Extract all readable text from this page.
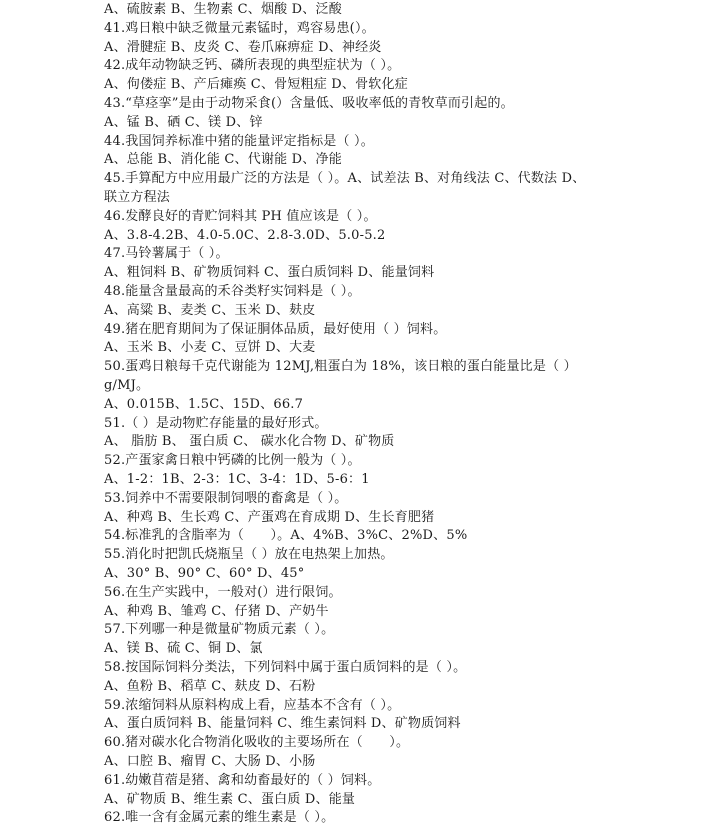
A、硫胺素 B、生物素 C、烟酸 D、泛酸

41.鸡日粮中缺乏微量元素锰时，鸡容易患(）。

A、滑腱症 B、皮炎 C、卷爪麻痹症 D、神经炎

42.成年动物缺乏钙、磷所表现的典型症状为（ ）。

A、佝偻症 B、产后瘫痪 C、骨短粗症 D、骨软化症

43.“草痉挛”是由于动物采食(）含量低、吸收率低的青牧草而引起的。

A、锰 B、硒 C、镁 D、锌

44.我国饲养标准中猪的能量评定指标是（ ）。

A、总能 B、消化能 C、代谢能 D、净能

45.手算配方中应用最广泛的方法是（ ）。A、试差法 B、对角线法 C、代数法 D、

联立方程法

46.发酵良好的青贮饲料其 PH 值应该是（ ）。

A、3.8-4.2B、4.0-5.0C、2.8-3.0D、5.0-5.2

47.马铃薯属于（ ）。

A、粗饲料 B、矿物质饲料 C、蛋白质饲料 D、能量饲料

48.能量含量最高的禾谷类籽实饲料是（ ）。

A、高粱 B、麦类 C、玉米 D、麸皮

49.猪在肥育期间为了保证胴体品质，最好使用（ ）饲料。

A、玉米 B、小麦 C、豆饼 D、大麦

50.蛋鸡日粮每千克代谢能为 12MJ,粗蛋白为 18%，该日粮的蛋白能量比是（ ）

g/MJ。

A、0.015B、1.5C、15D、66.7

51.（ ）是动物贮存能量的最好形式。

A、 脂肪 B、 蛋白质 C、 碳水化合物 D、矿物质

52.产蛋家禽日粮中钙磷的比例一般为（ ）。

A、1-2：1B、2-3：1C、3-4：1D、5-6：1

53.饲养中不需要限制饲喂的畜禽是（ ）。

A、种鸡 B、生长鸡 C、产蛋鸡在育成期 D、生长育肥猪

54.标准乳的含脂率为（　　）。A、4%B、3%C、2%D、5%

55.消化时把凯氏烧瓶呈（ ）放在电热架上加热。

A、30° B、90° C、60° D、45°

56.在生产实践中，一般对(）进行限饲。

A、种鸡 B、雏鸡 C、仔猪 D、产奶牛

57.下列哪一种是微量矿物质元素（ ）。

A、镁 B、硫 C、铜 D、氯

58.按国际饲料分类法，下列饲料中属于蛋白质饲料的是（ ）。

A、鱼粉 B、稻草 C、麸皮 D、石粉

59.浓缩饲料从原料构成上看，应基本不含有（ ）。

A、蛋白质饲料 B、能量饲料 C、维生素饲料 D、矿物质饲料

60.猪对碳水化合物消化吸收的主要场所在（　　）。

A、口腔 B、瘤胃 C、大肠 D、小肠

61.幼嫩苜蓿是猪、禽和幼畜最好的（ ）饲料。

A、矿物质 B、维生素 C、蛋白质 D、能量

62.唯一含有金属元素的维生素是（ ）。
